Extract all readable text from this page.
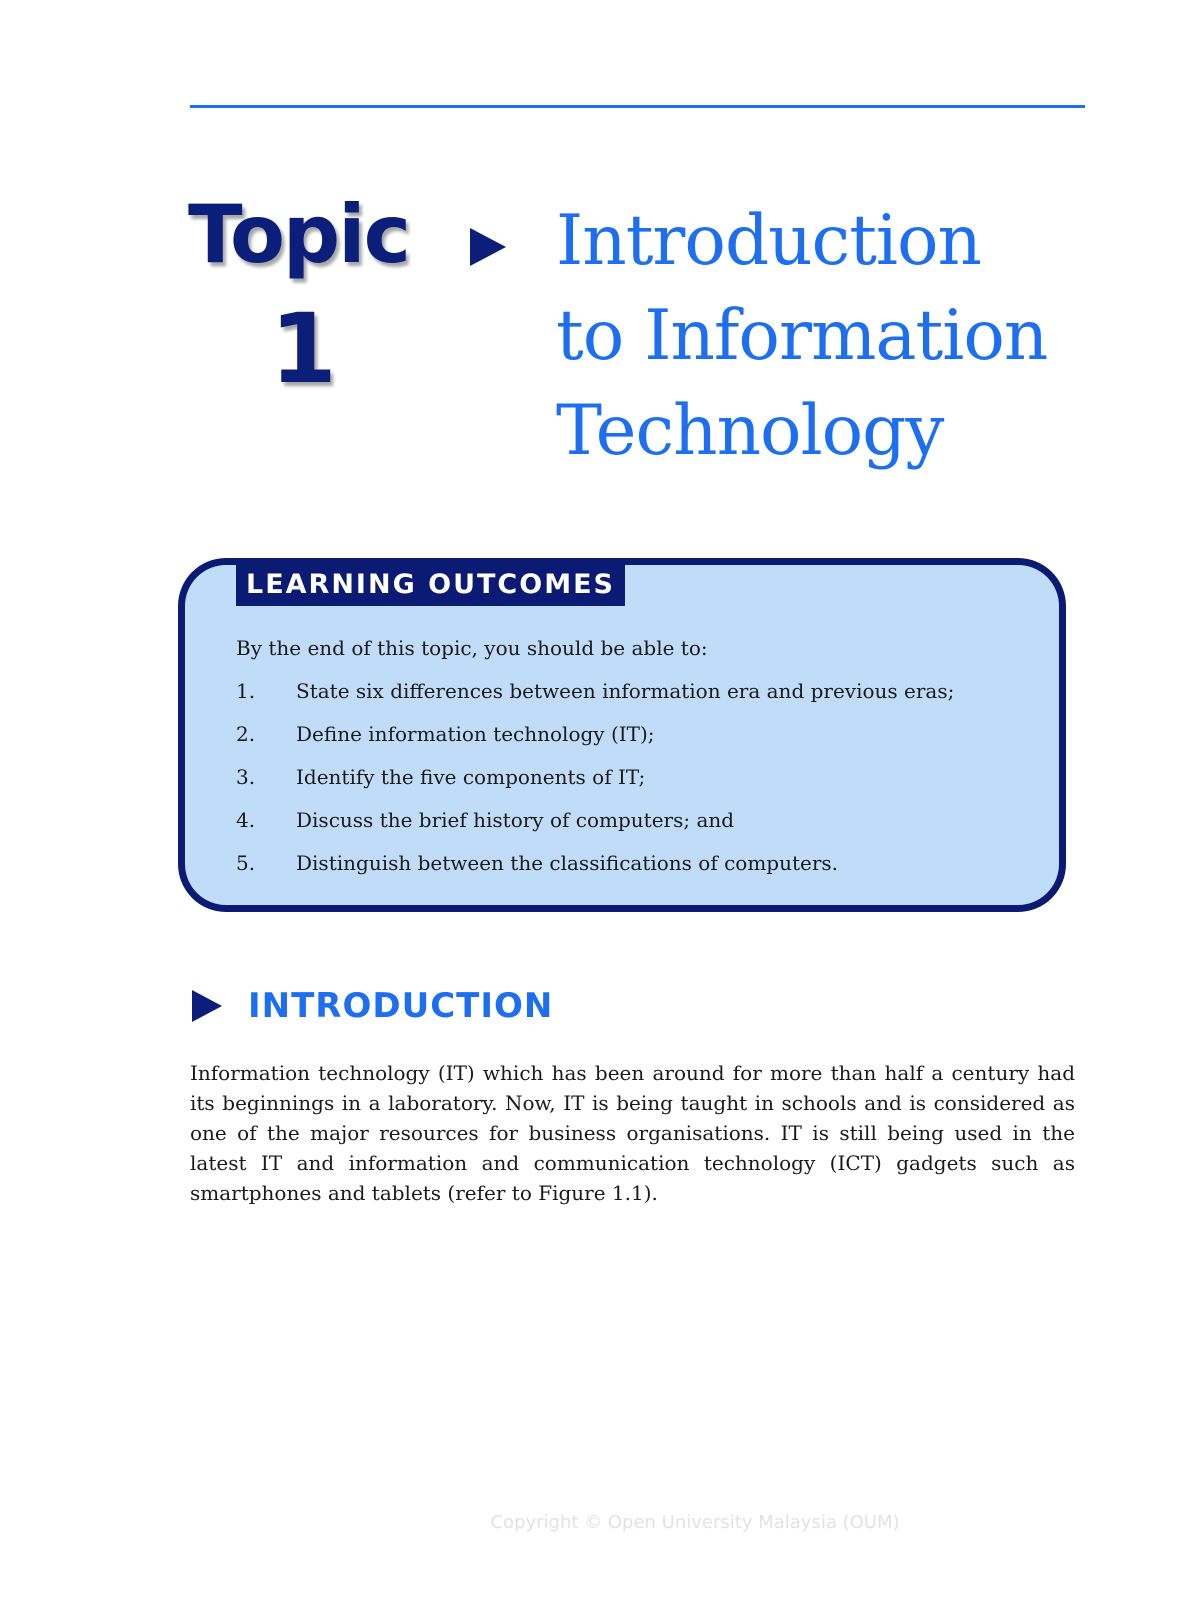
Topic
1
Introduction
to Information
Technology
LEARNING OUTCOMES
By the end of this topic, you should be able to:
1. State six differences between information era and previous eras;
2. Define information technology (IT);
3. Identify the five components of IT;
4. Discuss the brief history of computers; and
5. Distinguish between the classifications of computers.
INTRODUCTION

Information technology (IT) which has been around for more than half a century had its beginnings in a laboratory. Now, IT is being taught in schools and is considered as one of the major resources for business organisations. IT is still being used in the latest IT and information and communication technology (ICT) gadgets such as smartphones and tablets (refer to Figure 1.1).

Copyright © Open University Malaysia (OUM)
